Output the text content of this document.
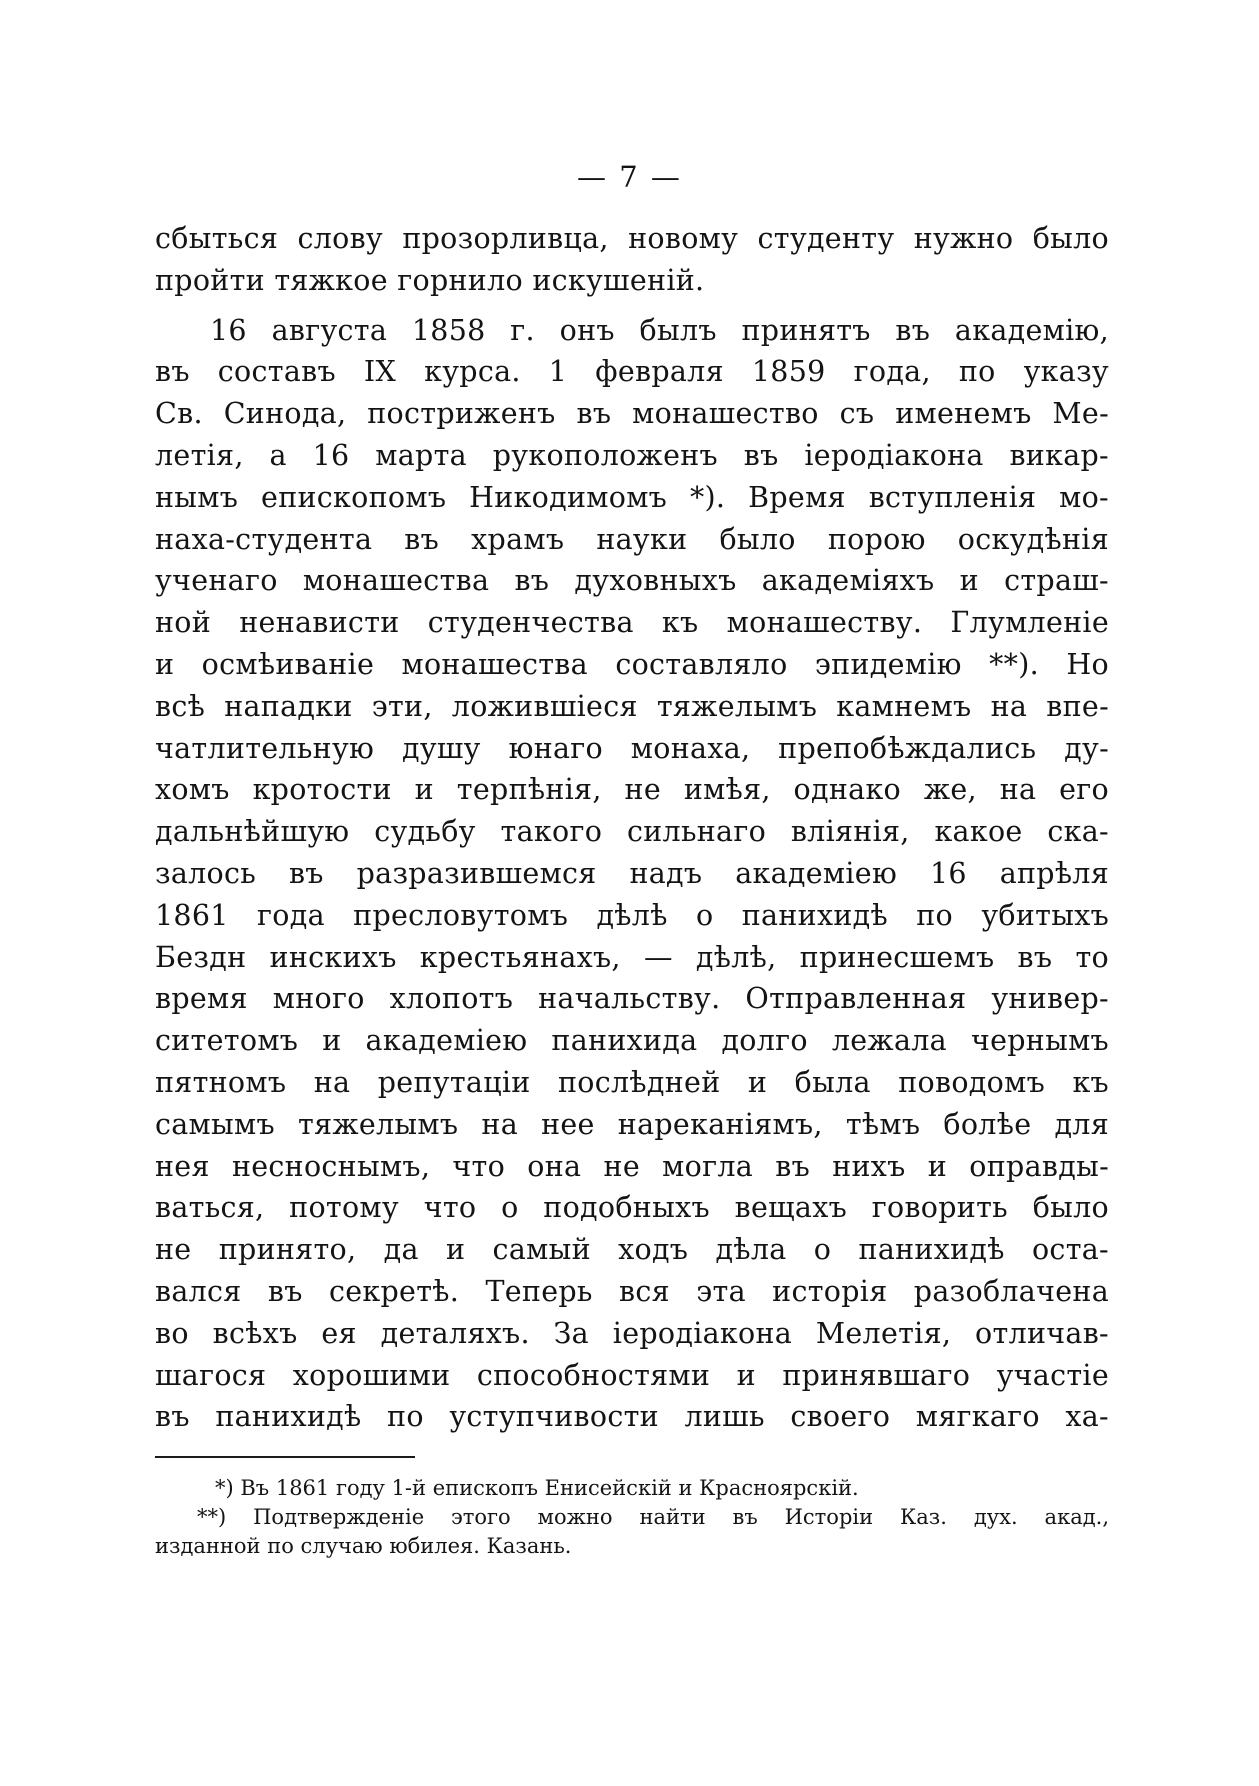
— 7 —
сбыться слову прозорливца, новому студенту нужно было
пройти тяжкое горнило искушеній.
16 августа 1858 г. онъ былъ принятъ въ академію,
въ составъ IX курса. 1 февраля 1859 года, по указу
Св. Синода, постриженъ въ монашество съ именемъ Ме-
летія, а 16 марта рукоположенъ въ іеродіакона викар-
нымъ епископомъ Никодимомъ *). Время вступленія мо-
наха-студента въ храмъ науки было порою оскудѣнія
ученаго монашества въ духовныхъ академіяхъ и страш-
ной ненависти студенчества къ монашеству. Глумленіе
и осмѣиваніе монашества составляло эпидемію **). Но
всѣ нападки эти, ложившіеся тяжелымъ камнемъ на впе-
чатлительную душу юнаго монаха, препобѣждались ду-
хомъ кротости и терпѣнія, не имѣя, однако же, на его
дальнѣйшую судьбу такого сильнаго вліянія, какое ска-
залось въ разразившемся надъ академіею 16 апрѣля
1861 года пресловутомъ дѣлѣ о панихидѣ по убитыхъ
Бездн инскихъ крестьянахъ, — дѣлѣ, принесшемъ въ то
время много хлопотъ начальству. Отправленная универ-
ситетомъ и академіею панихида долго лежала чернымъ
пятномъ на репутаціи послѣдней и была поводомъ къ
самымъ тяжелымъ на нее нареканіямъ, тѣмъ болѣе для
нея несноснымъ, что она не могла въ нихъ и оправды-
ваться, потому что о подобныхъ вещахъ говорить было
не принято, да и самый ходъ дѣла о панихидѣ оста-
вался въ секретѣ. Теперь вся эта исторія разоблачена
во всѣхъ ея деталяхъ. За іеродіакона Мелетія, отличав-
шагося хорошими способностями и принявшаго участіе
въ панихидѣ по уступчивости лишь своего мягкаго ха-
*) Въ 1861 году 1-й епископъ Енисейскій и Красноярскій.
**) Подтвержденіе этого можно найти въ Исторіи Каз. дух. акад.,
изданной по случаю юбилея. Казань.
